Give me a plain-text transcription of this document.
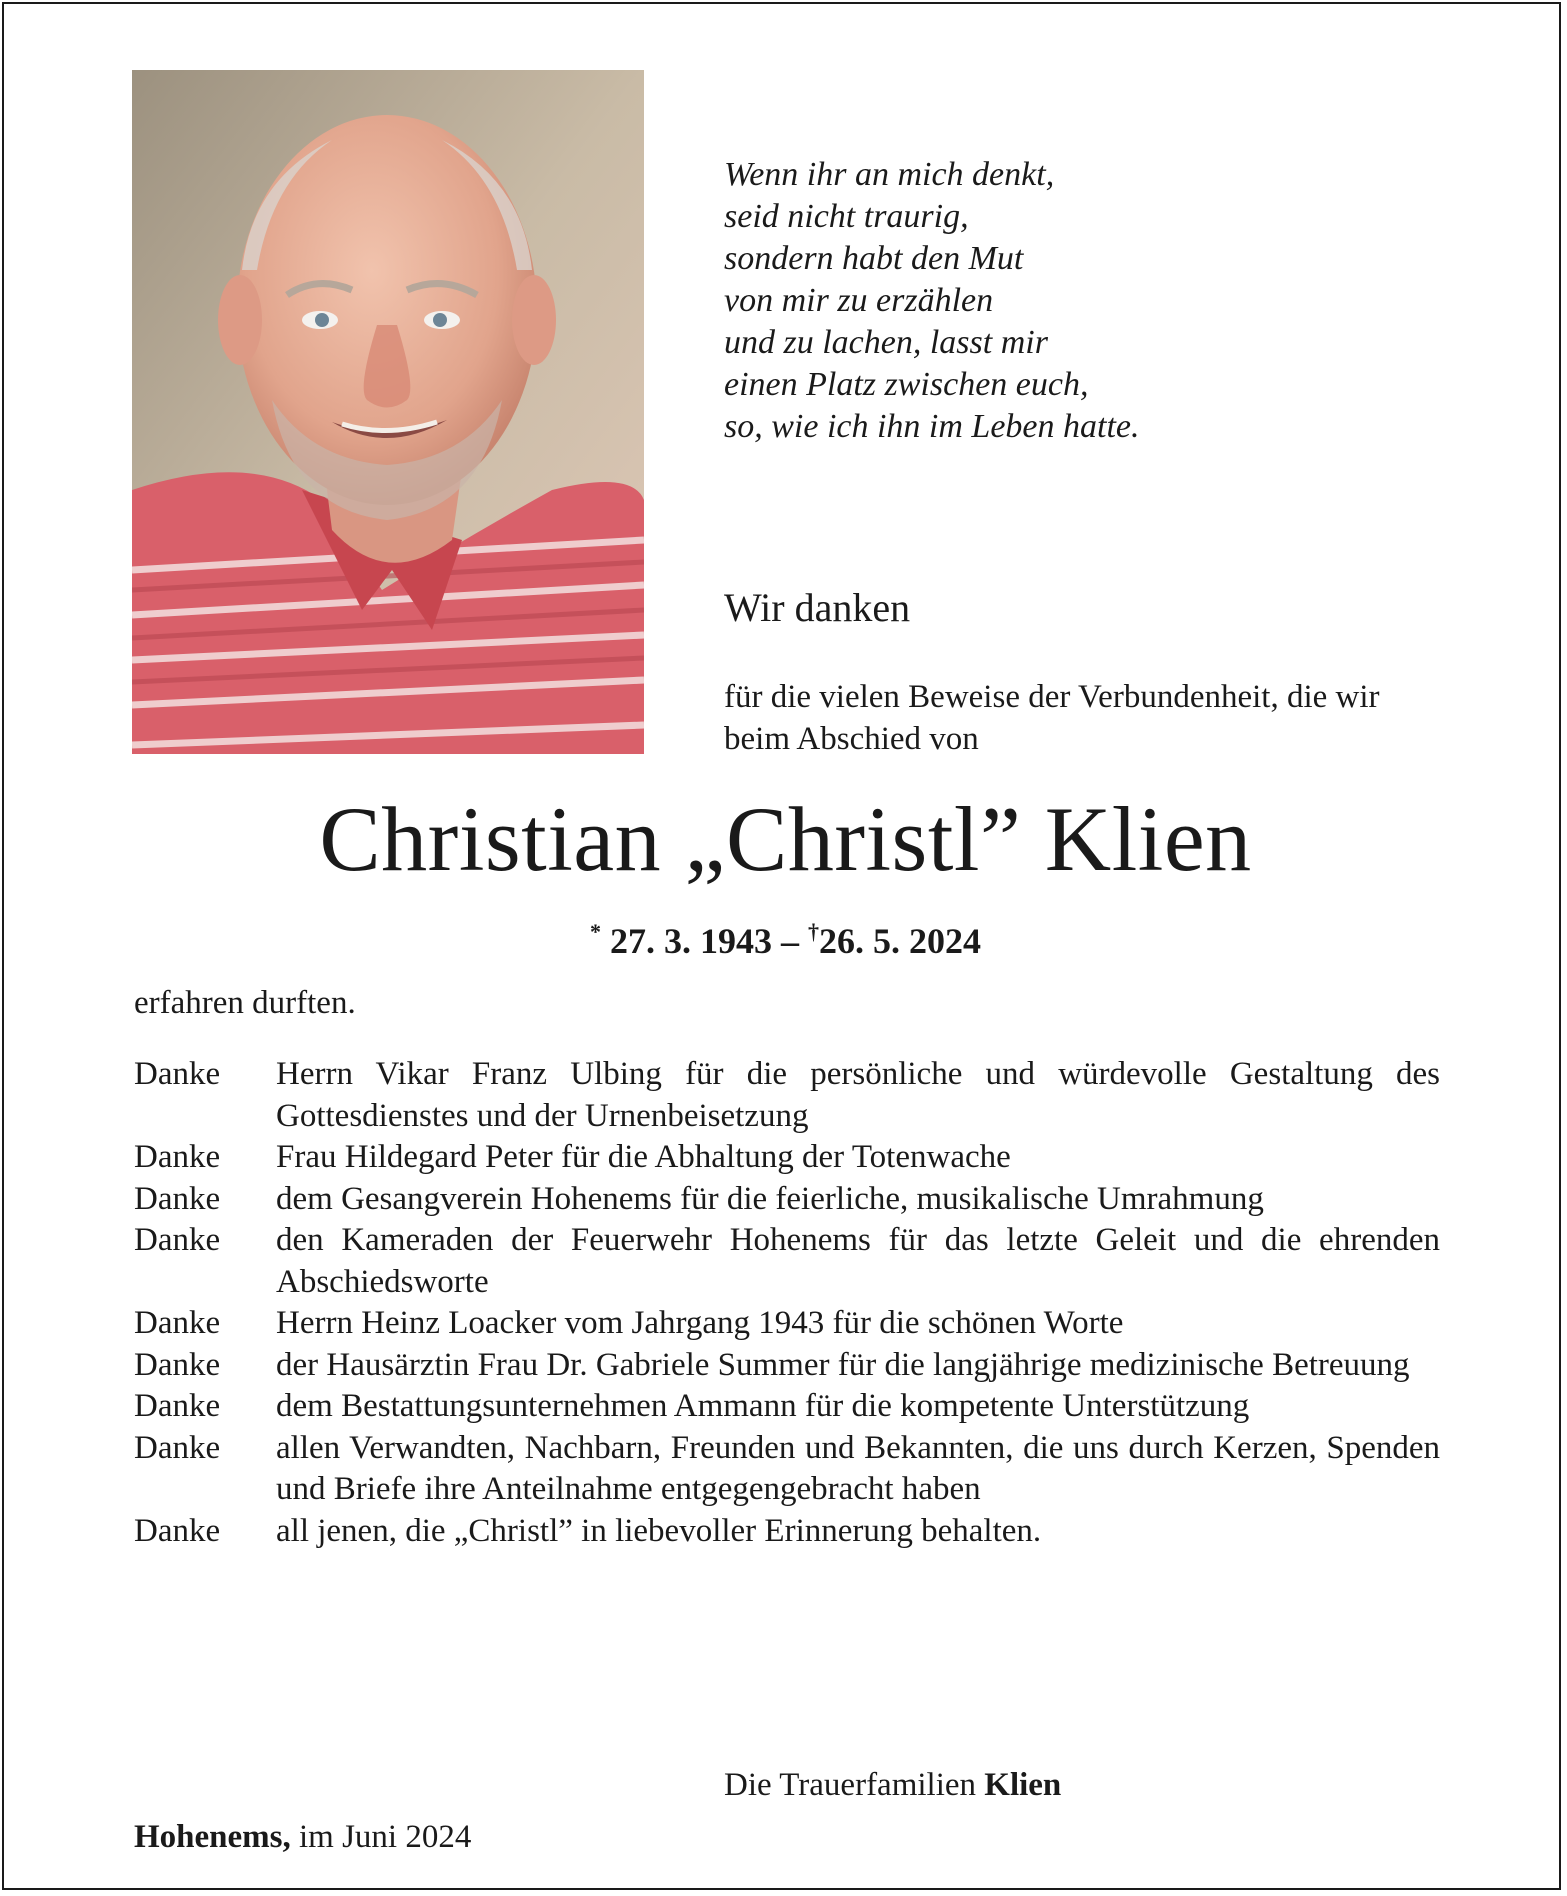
Wenn ihr an mich denkt,
seid nicht traurig,
sondern habt den Mut
von mir zu erzählen
und zu lachen, lasst mir
einen Platz zwischen euch,
so, wie ich ihn im Leben hatte.
Wir danken
für die vielen Beweise der Verbundenheit, die wir beim Abschied von
Christian „Christl” Klien
* 27. 3. 1943 – †26. 5. 2024
erfahren durften.
Danke	Herrn Vikar Franz Ulbing für die persönliche und würdevolle Gestaltung des Gottesdienstes und der Urnenbeisetzung
Danke	Frau Hildegard Peter für die Abhaltung der Totenwache
Danke	dem Gesangverein Hohenems für die feierliche, musikalische Umrahmung
Danke	den Kameraden der Feuerwehr Hohenems für das letzte Geleit und die ehrenden Abschiedsworte
Danke	Herrn Heinz Loacker vom Jahrgang 1943 für die schönen Worte
Danke	der Hausärztin Frau Dr. Gabriele Summer für die langjährige medizinische Betreuung
Danke	dem Bestattungsunternehmen Ammann für die kompetente Unterstützung
Danke	allen Verwandten, Nachbarn, Freunden und Bekannten, die uns durch Kerzen, Spenden und Briefe ihre Anteilnahme entgegengebracht haben
Danke	all jenen, die „Christl” in liebevoller Erinnerung behalten.
Die Trauerfamilien Klien
Hohenems, im Juni 2024
